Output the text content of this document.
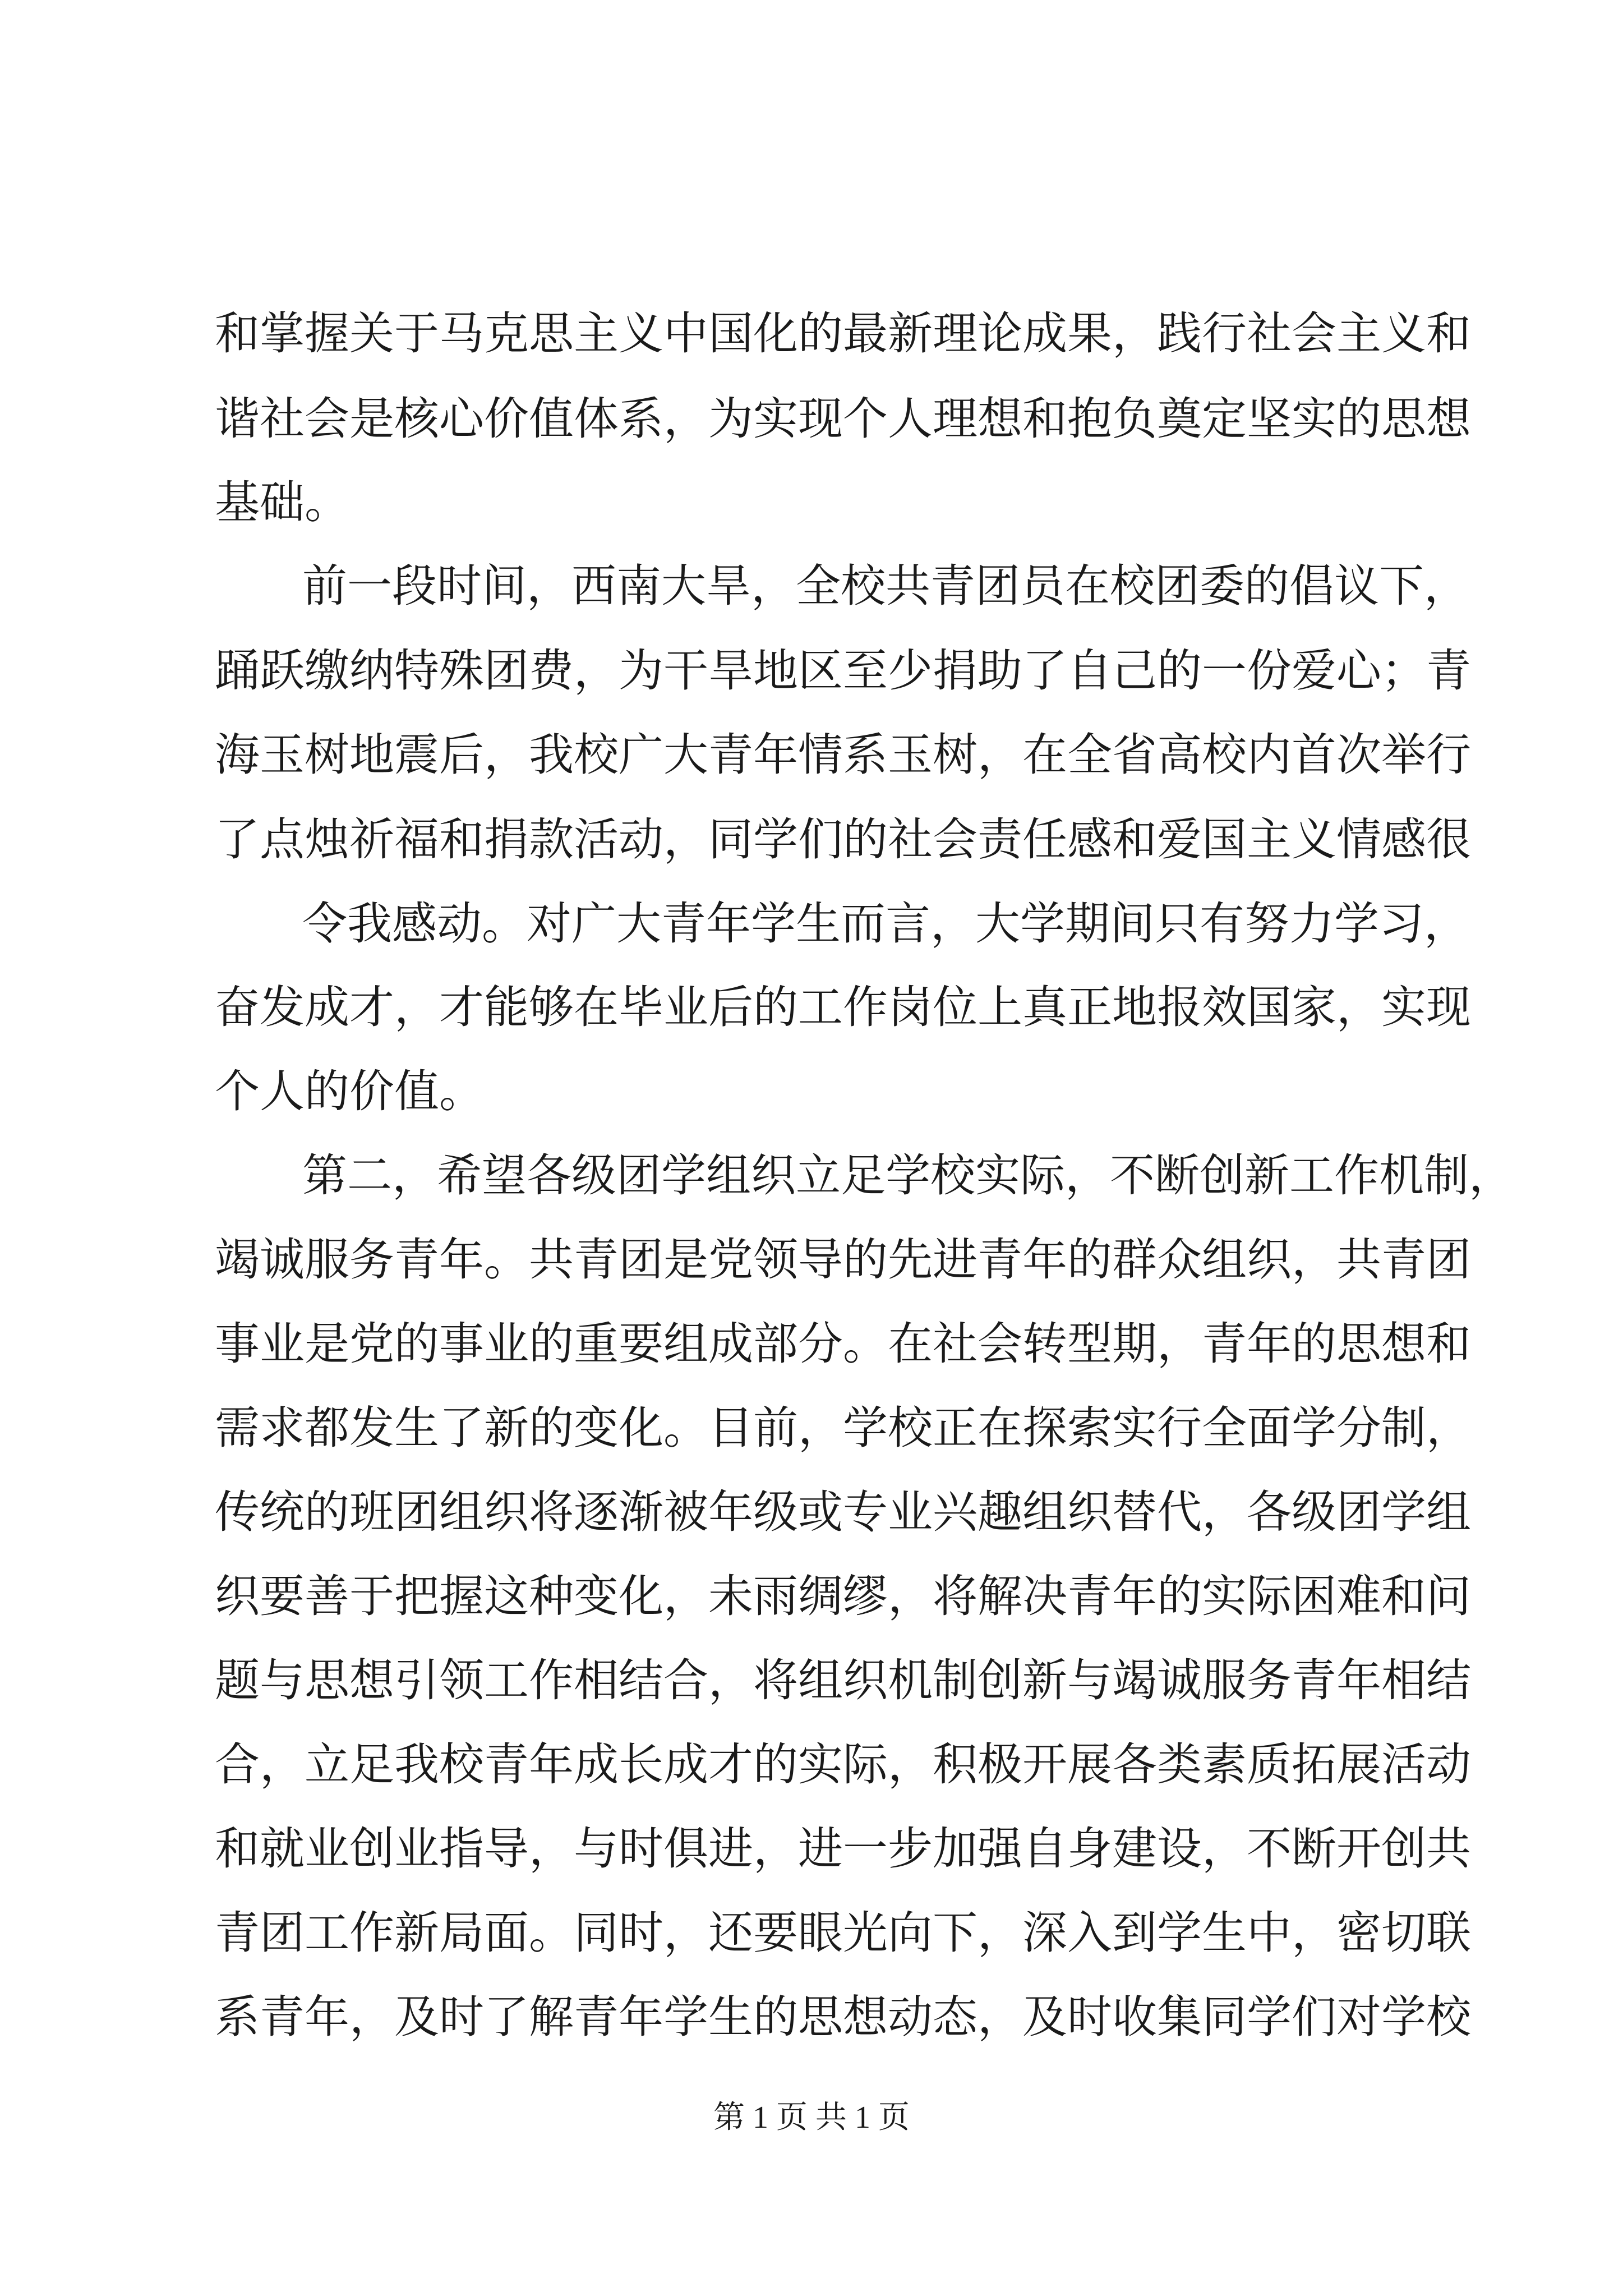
和掌握关于马克思主义中国化的最新理论成果，践行社会主义和
谐社会是核心价值体系，为实现个人理想和抱负奠定坚实的思想
基础。
前一段时间，西南大旱，全校共青团员在校团委的倡议下，
踊跃缴纳特殊团费，为干旱地区至少捐助了自己的一份爱心；青
海玉树地震后，我校广大青年情系玉树，在全省高校内首次举行
了点烛祈福和捐款活动，同学们的社会责任感和爱国主义情感很
令我感动。对广大青年学生而言，大学期间只有努力学习，
奋发成才，才能够在毕业后的工作岗位上真正地报效国家，实现
个人的价值。
第二，希望各级团学组织立足学校实际，不断创新工作机制，
竭诚服务青年。共青团是党领导的先进青年的群众组织，共青团
事业是党的事业的重要组成部分。在社会转型期，青年的思想和
需求都发生了新的变化。目前，学校正在探索实行全面学分制，
传统的班团组织将逐渐被年级或专业兴趣组织替代，各级团学组
织要善于把握这种变化，未雨绸缪，将解决青年的实际困难和问
题与思想引领工作相结合，将组织机制创新与竭诚服务青年相结
合，立足我校青年成长成才的实际，积极开展各类素质拓展活动
和就业创业指导，与时俱进，进一步加强自身建设，不断开创共
青团工作新局面。同时，还要眼光向下，深入到学生中，密切联
系青年，及时了解青年学生的思想动态，及时收集同学们对学校
第 1 页 共 1 页
